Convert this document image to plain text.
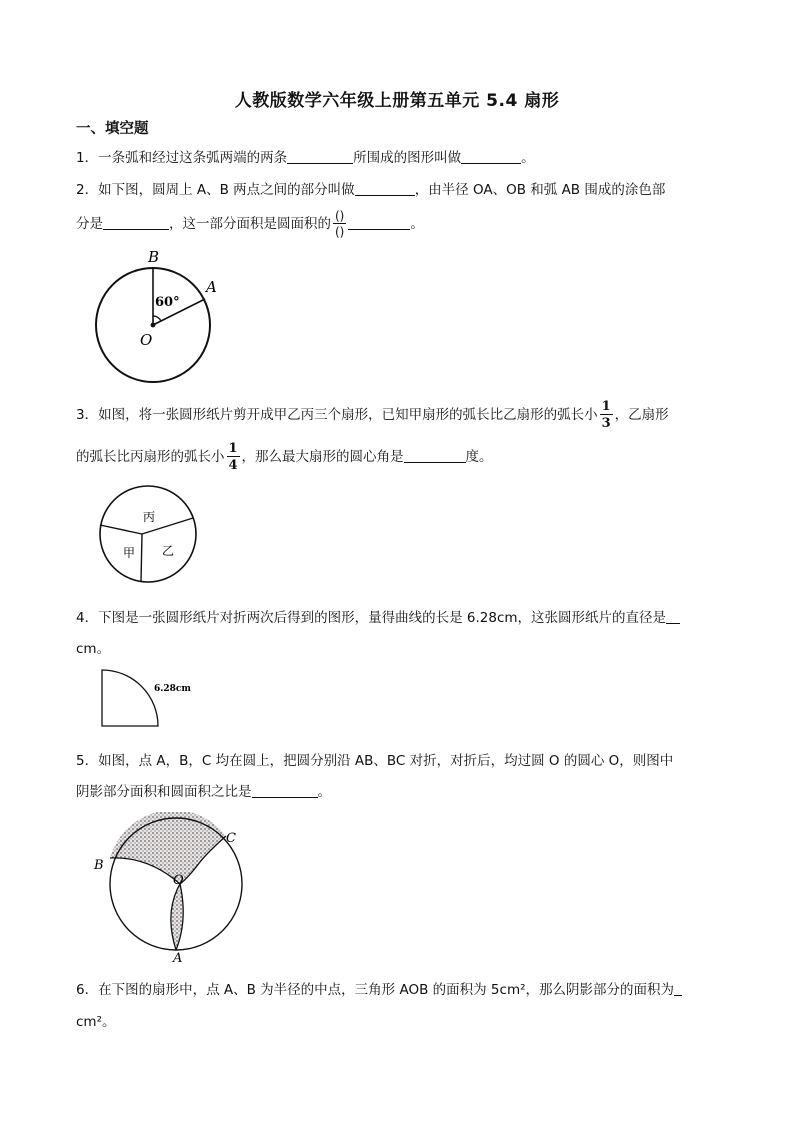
人教版数学六年级上册第五单元 5.4 扇形
一、填空题
1．一条弧和经过这条弧两端的两条	所围成的图形叫做	。
2．如下图，圆周上 A、B 两点之间的部分叫做	，由半径 OA、OB 和弧 AB 围成的涂色部
分是	，这一部分面积是圆面积的 $\frac{()}{()}$	。
B
A
O
60°
3．如图，将一张圆形纸片剪开成甲乙丙三个扇形，已知甲扇形的弧长比乙扇形的弧长小 $\frac{1}{3}$ ，乙扇形
的弧长比丙扇形的弧长小 $\frac{1}{4}$ ，那么最大扇形的圆心角是	度。
丙
甲 乙
4．下图是一张圆形纸片对折两次后得到的图形，量得曲线的长是 6.28cm，这张圆形纸片的直径是
cm。
6.28cm
5．如图，点 A，B，C 均在圆上，把圆分别沿 AB、BC 对折，对折后，均过圆 O 的圆心 O，则图中
阴影部分面积和圆面积之比是	。
B
C
O
A
6．在下图的扇形中，点 A、B 为半径的中点，三角形 AOB 的面积为 5cm²，那么阴影部分的面积为
cm²。
